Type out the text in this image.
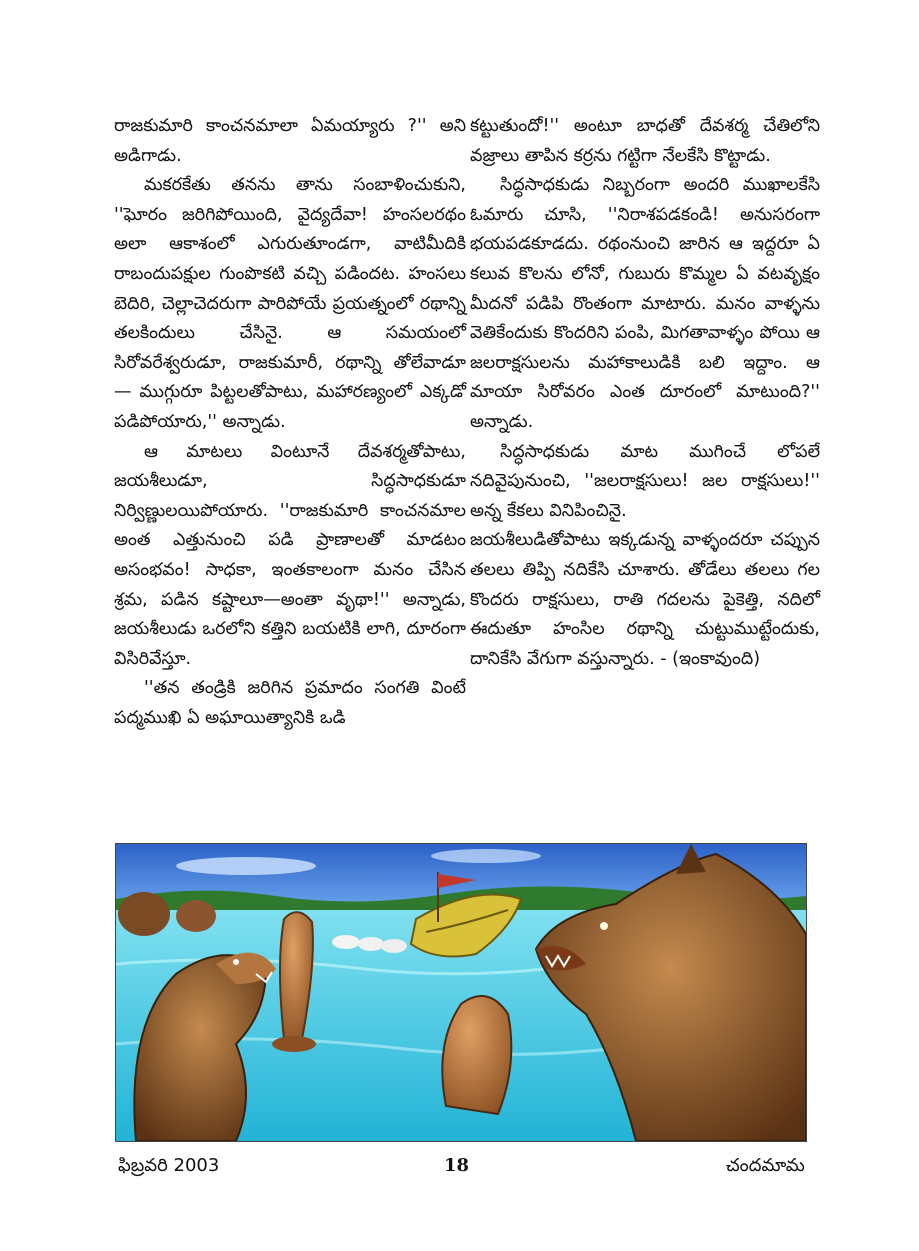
రాజకుమారి కాంచనమాలా ఏమయ్యారు ?'' అని అడిగాడు.

మకరకేతు తనను తాను సంబాళించుకుని, ''ఘోరం జరిగిపోయింది, వైద్యదేవా! హంసలరథం అలా ఆకాశంలో ఎగురుతూండగా, వాటిమీదికి రాబందుపక్షుల గుంపొకటి వచ్చి పడిందట. హంసలు బెదిరి, చెల్లాచెదరుగా పారిపోయే ప్రయత్నంలో రథాన్ని తలకిందులు చేసినై. ఆ సమయంలో సిరోవరేశ్వరుడూ, రాజకుమారీ, రథాన్ని తోలేవాడూ — ముగ్గురూ పిట్టలతోపాటు, మహారణ్యంలో ఎక్కడో పడిపోయారు,'' అన్నాడు.

ఆ మాటలు వింటూనే దేవశర్మతోపాటు, జయశీలుడూ, సిద్ధసాధకుడూ నిర్విణ్ణులయిపోయారు. ''రాజకుమారి కాంచనమాల అంత ఎత్తునుంచి పడి ప్రాణాలతో మాడటం అసంభవం! సాధకా, ఇంతకాలంగా మనం చేసిన శ్రమ, పడిన కష్టాలూ—అంతా వృథా!'' అన్నాడు, జయశీలుడు ఒరలోని కత్తిని బయటికి లాగి, దూరంగా విసిరివేస్తూ.

''తన తండ్రికి జరిగిన ప్రమాదం సంగతి వింటే పద్మముఖి ఏ అఘాయిత్యానికి ఒడి

కట్టుతుందో!'' అంటూ బాధతో దేవశర్మ చేతిలోని వజ్రాలు తాపిన కర్రను గట్టిగా నేలకేసి కొట్టాడు.

సిద్ధసాధకుడు నిబ్బరంగా అందరి ముఖాలకేసి ఓమారు చూసి, ''నిరాశపడకండి! అనుసరంగా భయపడకూడదు. రథంనుంచి జారిన ఆ ఇద్దరూ ఏ కలువ కొలను లోనో, గుబురు కొమ్మల ఏ వటవృక్షం మీదనో పడిపి రొంతంగా మాటారు. మనం వాళ్ళను వెతికేందుకు కొందరిని పంపి, మిగతావాళ్ళం పోయి ఆ జలరాక్షసులను మహాకాలుడికి బలి ఇద్దాం. ఆ మాయా సిరోవరం ఎంత దూరంలో మాటుంది?'' అన్నాడు.

సిద్ధసాధకుడు మాట ముగించే లోపలే నదివైపునుంచి, ''జలరాక్షసులు! జల రాక్షసులు!'' అన్న కేకలు వినిపించినై.

జయశీలుడితోపాటు ఇక్కడున్న వాళ్ళందరూ చప్పున తలలు తిప్పి నదికేసి చూశారు. తోడేలు తలలు గల కొందరు రాక్షసులు, రాతి గదలను పైకెత్తి, నదిలో ఈదుతూ హంసిల రథాన్ని చుట్టుముట్టేందుకు, దానికేసి వేగుగా వస్తున్నారు. - (ఇంకావుంది)

ఫిబ్రవరి 2003	18	చందమామ
